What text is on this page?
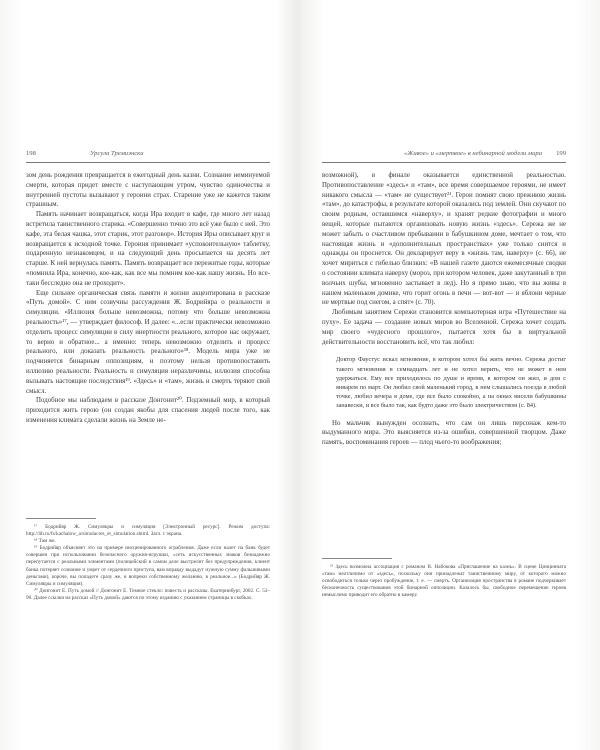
198	Урсула Тремиэнски

зом день рождения превращается в ежегодный день казни. Сознание неминуемой смерти, которая придет вместе с наступающим утром, чувство одиночества и внутренней пустоты вызывают у героини страх. Старение уже не кажется таким страшным.

Память начинает возвращаться, когда Ира входит в кафе, где много лет назад встретила таинственного старика. «Совершенно точно это всё уже было с ней. Это кафе, эта белая чашка, этот старик, этот разговор». История Иры описывает круг и возвращается к исходной точке. Героиня принимает «успокоительную» таблетку, подаренную незнакомцем, и на следующий день просыпается на десять лет старше. К ней вернулась память. Память возвращает все пережитые годы, которые «помнила Ира, конечно, кое-как, как все мы помним кое-как нашу жизнь. Но все-таки бесследно она не проходит».

Еще сильнее органическая связь памяти и жизни акцентирована в рассказе «Путь домой». С ним созвучны рассуждения Ж. Бодрийяра о реальности и симуляции. «Иллюзия больше невозможна, потому что больше невозможна реальность»¹⁷, — утверждает философ. И далее: «...если практически невозможно отделить процесс симуляции в силу инертности реального, которое нас окружает, то верно и обратное... а именно: теперь невозможно отделить и процесс реального, или доказать реальность реального»¹⁸. Модель мира уже не подчиняется бинарным оппозициям, и поэтому нельзя противопоставить иллюзию реальности. Реальность и симуляция неразличимы, иллюзия способна вызывать настоящие последствия¹⁹. «Здесь» и «там», жизнь и смерть теряют свой смысл.

Подобное мы наблюдаем в рассказе Донгонит²⁰. Подземный мир, в который приходится жить герою (он создан якобы для спасения людей после того, как изменения климата сделали жизнь на Земле не-

¹⁷ Бодрийяр Ж. Симулякры и симуляция [Электронный ресурс]. Режим доступа: http://lib.ru/fs/kachalow_a/simulacres_et_simulation.shtml. Загл. с экрана.

¹⁸ Там же.

¹⁹ Бодрийяр объясняет это на примере инсценированного ограбления. Даже если налет на банк будет совершен при использовании безопасного оружия-игрушки, «сеть искусственных знаков безнадежно перепутается с реальными элементами (полицейский в самом деле выстрелит без предупреждения, клиент банка потеряет сознание и умрет от сердечного приступа, вам вправду выдадут нужную сумму фальшивыми деньгами), короче, вы попадете сразу же, и вопреки собственному желанию, в реальное...» (Бодрийяр Ж. Симулякры и симуляция).

²⁰ Донгонит Е. Путь домой // Донгонит Е. Темное стекло: повесть и рассказы. Екатеринбург, 2002. С. 53–90. Далее ссылки на рассказ «Путь домой» даются по этому изданию с указанием страницы в скобках.

«Живое» и «мертвое» в небинарной модели мира 199

возможной), в финале оказывается единственной реальностью. Противопоставление «здесь» и «там», все время совершаемое героями, не имеет никакого смысла — «там» не существует²¹. Герои помнят свою прежнюю жизнь «там», до катастрофы, в результате которой оказались под землей. Они скучают по своим родным, оставшимся «наверху», и хранят редкие фотографии и много вещей, которые пытаются организовать новую жизнь «здесь». Сережа же не может забыть о счастливом пребывании в бабушкином доме, мечтает о том, что настоящая жизнь и «дополнительных пространствах» уже только снится и однажды он проснется. Он декларирует веру в «жизнь там, наверху» (с. 66), не хочет мириться с гибелью близких: «В нашей газете даются ежемесячные сводки о состоянии климата наверху (мороз, при котором человек, даже закутанный в три волчьих шубы, мгновенно застывает в лед). Но я прямо знаю, что вы живы в нашем маленьком домике, что горит огонь в печи — вот-вот — и яблони черные не мертвые под снегом, а спят» (с. 70).

Любимым занятием Сережи становится компьютерная игра «Путешествие на пуху». Ее задача — создание новых миров во Вселенной. Сережа хочет создать мир своего «чудесного прошлого», пытается хотя бы в виртуальной действительности восстановить всё, что так любил:

Доктор Фаустус искал мгновение, в котором хотел бы жить вечно. Сережа достиг такого мгновения в семнадцать лет и не хотел верить, что не может в нем удержаться. Ему все приходилось по душе и время, в котором он жил, и дом с январем по март. Он любил свой маленький город, в нем слышались поезда в любой точке, любил вечера в доме, где все было спокойно, а на окнах висели бабушкины занавески, и все было так, как будто даже это было электричеством (с. 84).

Но мальчик вынужден осознать, что сам он лишь персонаж кем-то выдуманного мира. Это выясняется из-за ошибки, совершенной творцом. Даже память, воспоминания героев — плод чьего-то воображения;

²¹ Здесь возможна ассоциация с романом В. Набокова «Приглашение на казнь». В сцене Цинцинната «там» неотличимо от «здесь», поскольку они принадлежат таинственному миру, от которого можно освободиться только через пробуждение, т. е. — смерть. Организация пространства в романе подчеркивает бесконечность существования этой бинарной оппозиции. Казалось бы, свободное перемещение героев немыслимо приводит его обратно в камеру.
